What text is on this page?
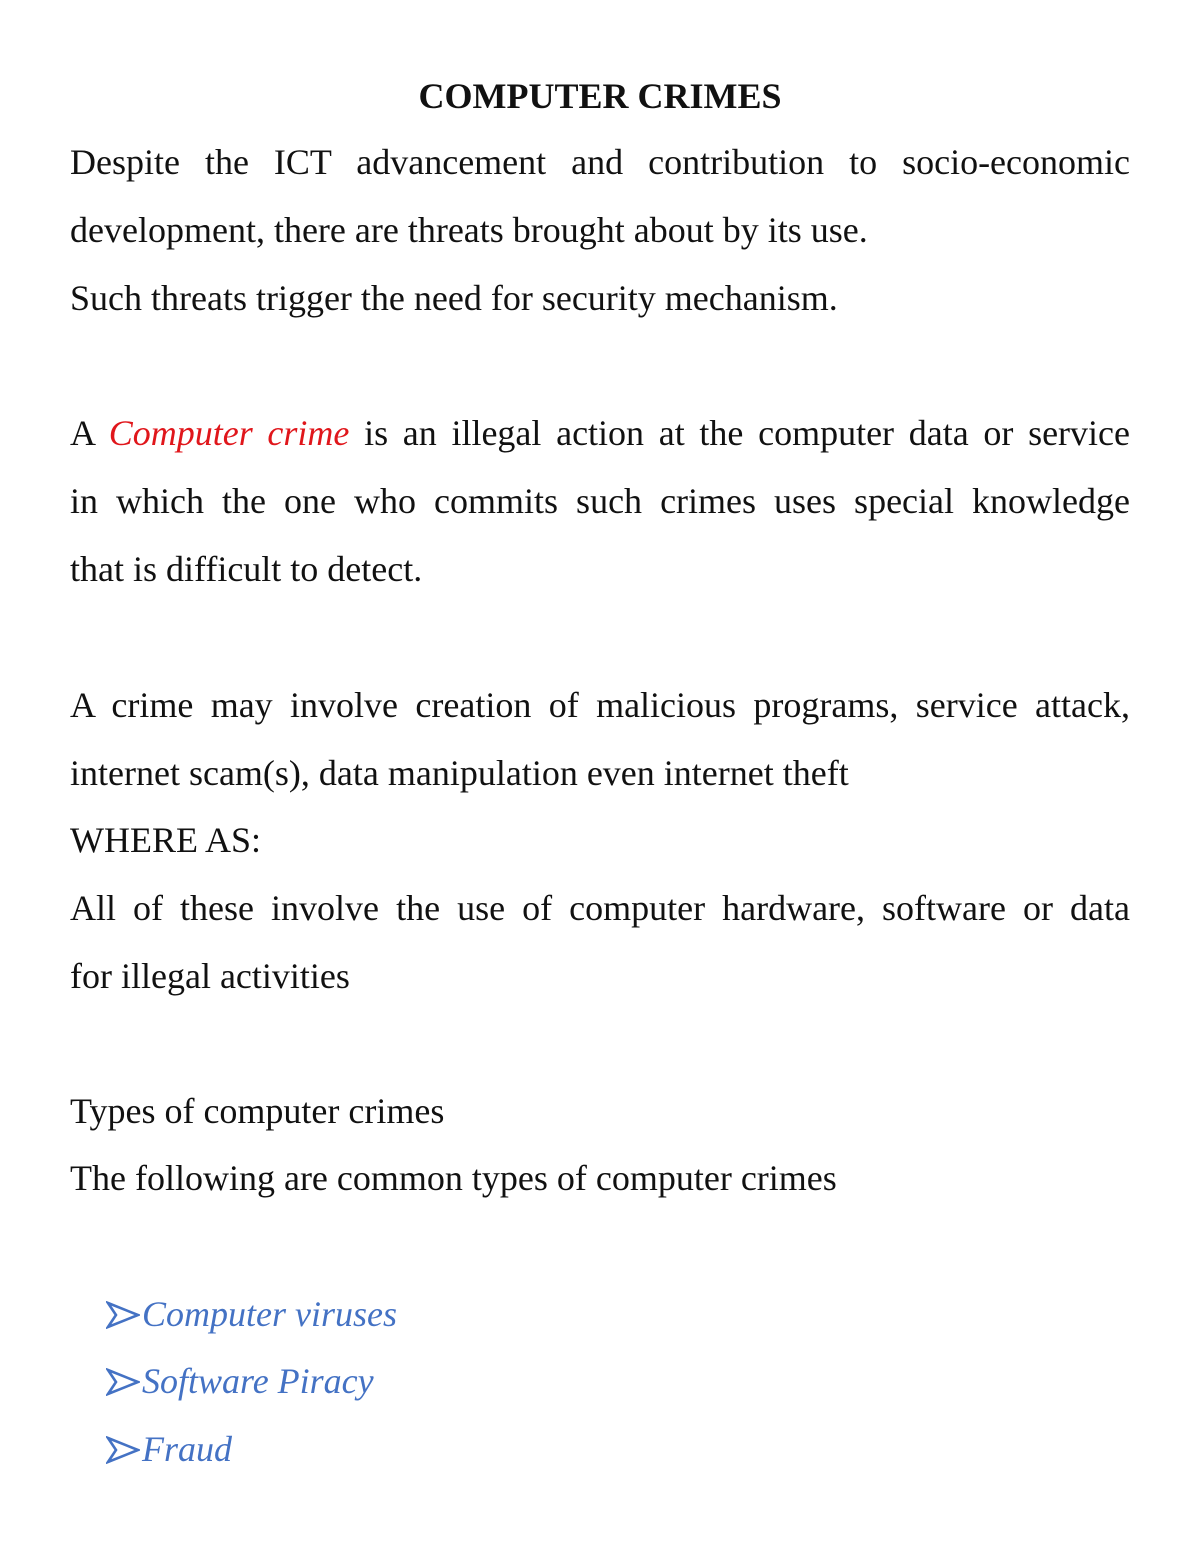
COMPUTER CRIMES
Despite the ICT advancement and contribution to socio-economic
development, there are threats brought about by its use.
Such threats trigger the need for security mechanism.
A Computer crime is an illegal action at the computer data or service
in which the one who commits such crimes uses special knowledge
that is difficult to detect.
A crime may involve creation of malicious programs, service attack,
internet scam(s), data manipulation even internet theft
WHERE AS:
All of these involve the use of computer hardware, software or data
for illegal activities
Types of computer crimes
The following are common types of computer crimes
Computer viruses
Software Piracy
Fraud
